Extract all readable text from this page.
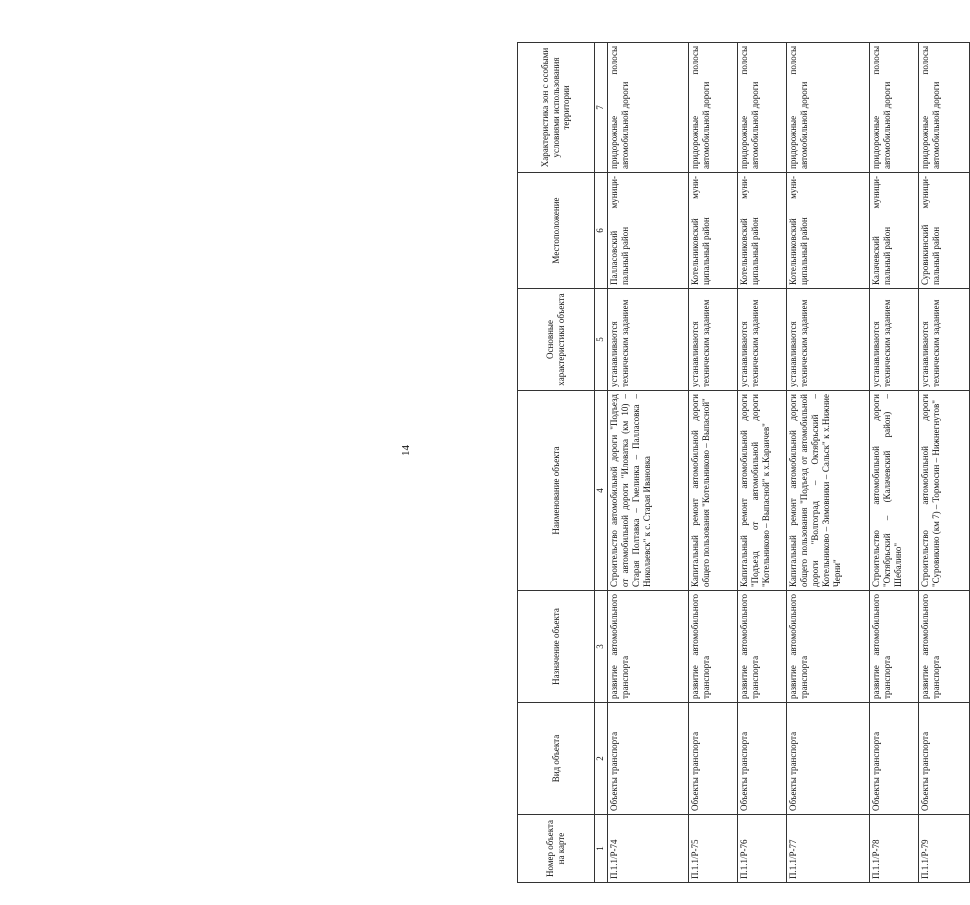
14
Номер объекта на карте	Вид объекта	Назначение объекта	Наименование объекта	Основные характеристики объекта	Местоположение	Характеристика зон с особыми условиями использования территории
1	2	3	4	5	6	7
П.1.1/Р-74	Объекты транспорта	развитие автомобильного транспорта	Строительство автомобильной дороги "Подъезд от автомобильной дороги "Иловатка (км 10) – Старая Полтавка – Гмелинка – Палласовка – Николаевск" к с. Старая Ивановка	устанавливаются техническим заданием	Палласовский муниципальный район	придорожные полосы автомобильной дороги
П.1.1/Р-75	Объекты транспорта	развитие автомобильного транспорта	Капитальный ремонт автомобильной дороги общего пользования "Котельниково – Выпасной"	устанавливаются техническим заданием	Котельниковский муниципальный район	придорожные полосы автомобильной дороги
П.1.1/Р-76	Объекты транспорта	развитие автомобильного транспорта	Капитальный ремонт автомобильной дороги "Подъезд от автомобильной дороги "Котельниково – Выпасной" к х.Караичев"	устанавливаются техническим заданием	Котельниковский муниципальный район	придорожные полосы автомобильной дороги
П.1.1/Р-77	Объекты транспорта	развитие автомобильного транспорта	Капитальный ремонт автомобильной дороги общего пользования "Подъезд от автомобильной дороги "Волгоград – Октябрьский – Котельниково – Зимовники – Сальск" к х.Нижние Черни"	устанавливаются техническим заданием	Котельниковский муниципальный район	придорожные полосы автомобильной дороги
П.1.1/Р-78	Объекты транспорта	развитие автомобильного транспорта	Строительство автомобильной дороги "Октябрьский – (Калачевский район) – Шебалино"	устанавливаются техническим заданием	Калачевский муниципальный район	придорожные полосы автомобильной дороги
П.1.1/Р-79	Объекты транспорта	развитие автомобильного транспорта	Строительство автомобильной дороги "Суровикино (км 7) – Тормосин – Нижнегнутов"	устанавливаются техническим заданием	Суровикинский муниципальный район	придорожные полосы автомобильной дороги
